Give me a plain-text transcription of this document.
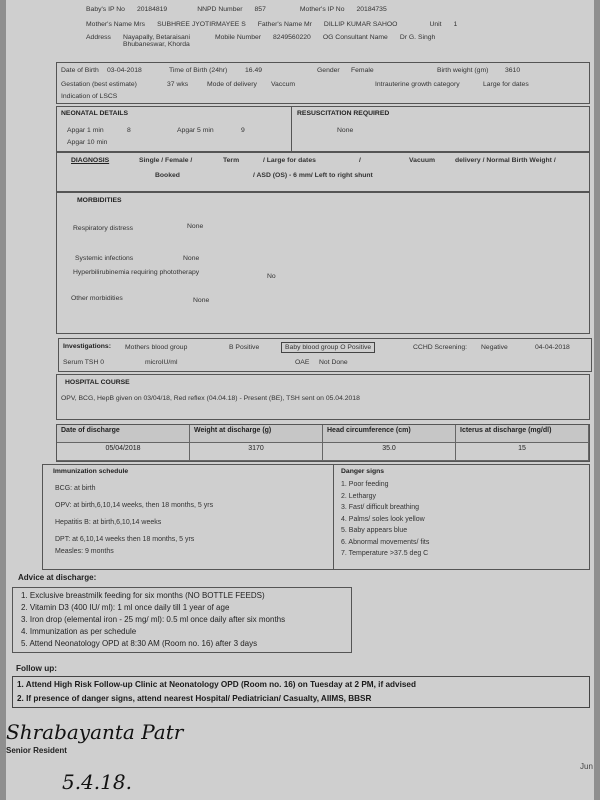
Baby's IP No 20184819	NNPD Number 857	Mother's IP No 20184735
Mother's Name Mrs SUBHREE JYOTIRMAYEE S Father's Name Mr DILLIP KUMAR SAHOO	Unit 1
Address Nayapally, Betaraisani Bhubaneswar, Khorda
Mobile Number 8249560220 OG Consultant Name Dr G. Singh
Date of Birth 03-04-2018	Time of Birth (24hr)	16.49	Gender Female	Birth weight (gm) 3610
Gestation (best estimate)	37 wks	Mode of delivery Vaccum	Intrauterine growth category	Large for dates
Indication of LSCS
NEONATAL DETAILS	RESUSCITATION REQUIRED
Apgar 1 min	8	Apgar 5 min	9
Apgar 10 min
None
DIAGNOSIS	Single / Female /	Term	/ Large for dates	/	Vacuum	delivery / Normal Birth Weight /
Booked	/ ASD (OS) - 6 mm/ Left to right shunt
MORBIDITIES
Respiratory distress	None
Systemic infections	None
Hyperbilirubinemia requiring phototherapy
No
Other morbidities	None
Investigations: Mothers blood group	B Positive	Baby blood group O Positive	CCHD Screening: Negative	04-04-2018
Serum TSH 0	microIU/ml	OAE Not Done
HOSPITAL COURSE
OPV, BCG, HepB given on 03/04/18, Red reflex (04.04.18) - Present (BE), TSH sent on 05.04.2018
Date of discharge	Weight at discharge (g)	Head circumference (cm)	Icterus at discharge (mg/dl)
05/04/2018	3170	35.0	15
Immunization schedule
BCG: at birth
OPV: at birth,6,10,14 weeks, then 18 months, 5 yrs
Hepatitis B: at birth,6,10,14 weeks
DPT: at 6,10,14 weeks then 18 months, 5 yrs
Measles: 9 months
Danger signs
1. Poor feeding
2. Lethargy
3. Fast/ difficult breathing
4. Palms/ soles look yellow
5. Baby appears blue
6. Abnormal movements/ fits
7. Temperature >37.5 deg C
Advice at discharge:
1. Exclusive breastmilk feeding for six months (NO BOTTLE FEEDS)
2. Vitamin D3 (400 IU/ ml): 1 ml once daily till 1 year of age
3. Iron drop (elemental iron - 25 mg/ ml): 0.5 ml once daily after six months
4. Immunization as per schedule
5. Attend Neonatology OPD at 8:30 AM (Room no. 16) after 3 days
Follow up:
1. Attend High Risk Follow-up Clinic at Neonatology OPD (Room no. 16) on Tuesday at 2 PM, if advised
2. If presence of danger signs, attend nearest Hospital/ Pediatrician/ Casualty, AIIMS, BBSR
Shrabayanta Patr
Senior Resident
5.4.18.
Jun
